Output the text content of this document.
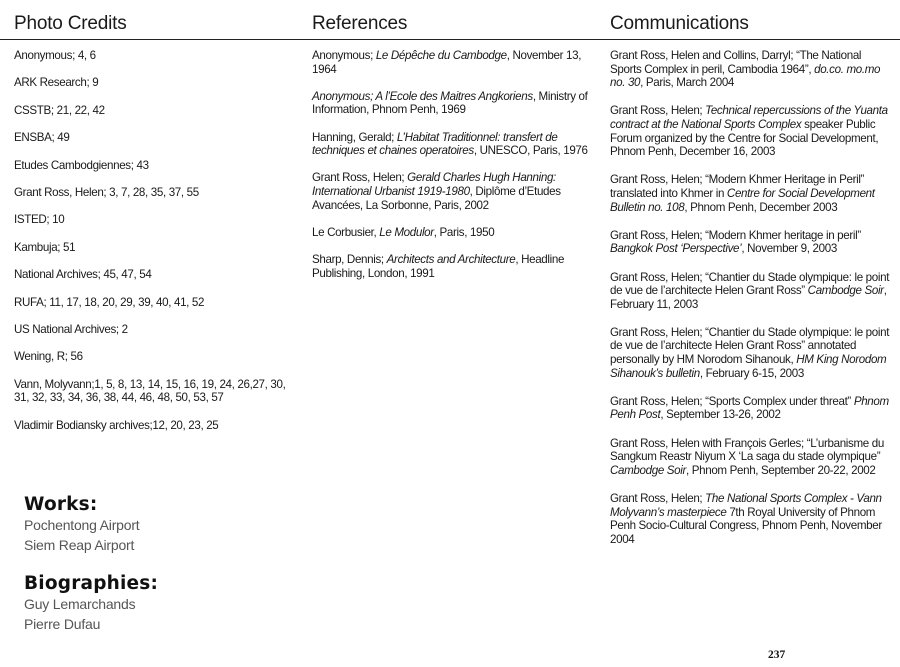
Photo Credits
Anonymous; 4, 6
ARK Research; 9
CSSTB; 21, 22, 42
ENSBA; 49
Etudes Cambodgiennes; 43
Grant Ross, Helen; 3, 7, 28, 35, 37, 55
ISTED; 10
Kambuja; 51
National Archives; 45, 47, 54
RUFA; 11, 17, 18, 20, 29, 39, 40, 41, 52
US National Archives; 2
Wening, R; 56
Vann, Molyvann;1, 5, 8, 13, 14, 15, 16, 19, 24, 26,27, 30, 31, 32, 33, 34, 36, 38, 44, 46, 48, 50, 53, 57
Vladimir Bodiansky archives;12, 20, 23, 25
References
Anonymous; Le Dépêche du Cambodge, November 13, 1964
Anonymous; A l’Ecole des Maitres Angkoriens, Ministry of Information, Phnom Penh, 1969
Hanning, Gerald; L’Habitat Traditionnel: transfert de techniques et chaines operatoires, UNESCO, Paris, 1976
Grant Ross, Helen; Gerald Charles Hugh Hanning: International Urbanist 1919-1980, Diplôme d’Etudes Avancées, La Sorbonne, Paris, 2002
Le Corbusier, Le Modulor, Paris, 1950
Sharp, Dennis; Architects and Architecture, Headline Publishing, London, 1991
Communications
Grant Ross, Helen and Collins, Darryl; “The National Sports Complex in peril, Cambodia 1964”, do.co. mo.mo no. 30, Paris, March 2004
Grant Ross, Helen; Technical repercussions of the Yuanta contract at the National Sports Complex speaker Public Forum organized by the Centre for Social Development, Phnom Penh, December 16, 2003
Grant Ross, Helen; “Modern Khmer Heritage in Peril” translated into Khmer in Centre for Social Development Bulletin no. 108, Phnom Penh, December 2003
Grant Ross, Helen; “Modern Khmer heritage in peril” Bangkok Post ‘Perspective’, November 9, 2003
Grant Ross, Helen; “Chantier du Stade olympique: le point de vue de l’architecte Helen Grant Ross” Cambodge Soir, February 11, 2003
Grant Ross, Helen; “Chantier du Stade olympique: le point de vue de l’architecte Helen Grant Ross” annotated personally by HM Norodom Sihanouk, HM King Norodom Sihanouk’s bulletin, February 6-15, 2003
Grant Ross, Helen; “Sports Complex under threat” Phnom Penh Post, September 13-26, 2002
Grant Ross, Helen with François Gerles; “L’urbanisme du Sangkum Reastr Niyum X ‘La saga du stade olympique” Cambodge Soir, Phnom Penh, September 20-22, 2002
Grant Ross, Helen; The National Sports Complex - Vann Molyvann’s masterpiece 7th Royal University of Phnom Penh Socio-Cultural Congress, Phnom Penh, November 2004
Works:
Pochentong Airport
Siem Reap Airport
Biographies:
Guy Lemarchands
Pierre Dufau
237
